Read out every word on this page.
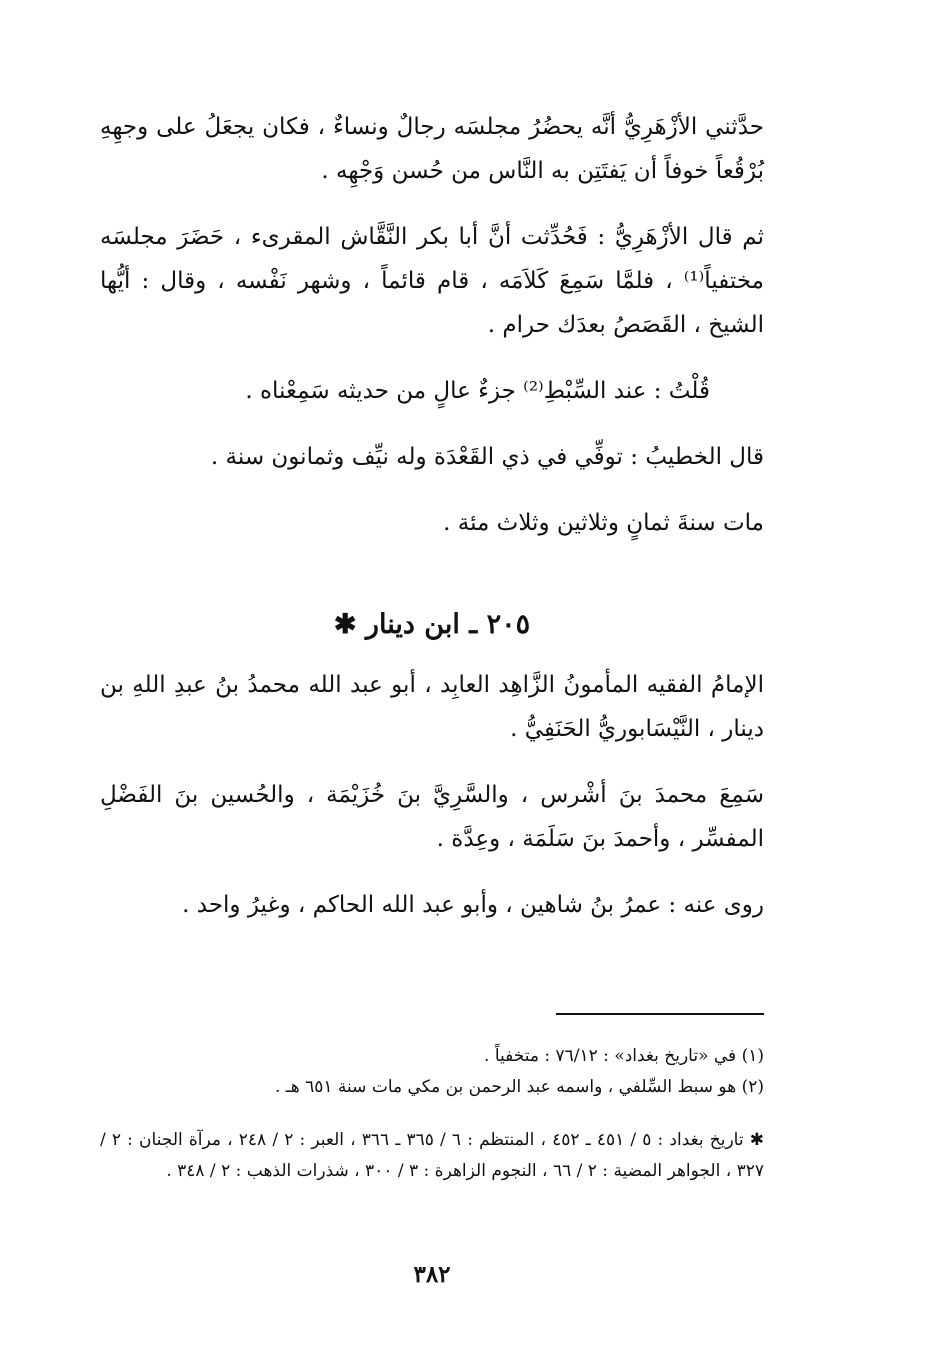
حدَّثني الأزْهَرِيُّ أنَّه يحضُرُ مجلسَه رجالٌ ونساءٌ ، فكان يجعَلُ على وجهِهِ بُرْقُعاً خوفاً أن يَفتَتِن به النَّاس من حُسن وَجْهِه .

ثم قال الأزْهَرِيُّ : فَحُدِّثت أنَّ أبا بكر النَّقَّاش المقرىء ، حَضَرَ مجلسَه مختفياً⁽¹⁾ ، فلمَّا سَمِعَ كَلاَمَه ، قام قائماً ، وشهر نَفْسه ، وقال : أيُّها الشيخ ، القَصَصُ بعدَك حرام .

قُلْتُ : عند السِّبْطِ⁽²⁾ جزءٌ عالٍ من حديثه سَمِعْناه .

قال الخطيبُ : توفِّي في ذي القَعْدَة وله نيِّف وثمانون سنة .

مات سنةَ ثمانٍ وثلاثين وثلاث مئة .

٢٠٥ ـ ابن دينار ✱

الإمامُ الفقيه المأمونُ الزَّاهِد العابِد ، أبو عبد الله محمدُ بنُ عبدِ اللهِ بن دينار ، النَّيْسَابوريُّ الحَنَفِيُّ .

سَمِعَ محمدَ بنَ أشْرس ، والسَّرِيَّ بنَ خُزَيْمَة ، والحُسين بنَ الفَضْلِ المفسِّر ، وأحمدَ بنَ سَلَمَة ، وعِدَّة .

روى عنه : عمرُ بنُ شاهين ، وأبو عبد الله الحاكم ، وغيرُ واحد .

(١) في «تاريخ بغداد» : ٧٦/١٢ : متخفياً .

(٢) هو سبط السِّلفي ، واسمه عبد الرحمن بن مكي مات سنة ٦٥١ هـ .

✱ تاريخ بغداد : ٥ / ٤٥١ ـ ٤٥٢ ، المنتظم : ٦ / ٣٦٥ ـ ٣٦٦ ، العبر : ٢ / ٢٤٨ ، مرآة الجنان : ٢ / ٣٢٧ ، الجواهر المضية : ٢ / ٦٦ ، النجوم الزاهرة : ٣ / ٣٠٠ ، شذرات الذهب : ٢ / ٣٤٨ .

٣٨٢
